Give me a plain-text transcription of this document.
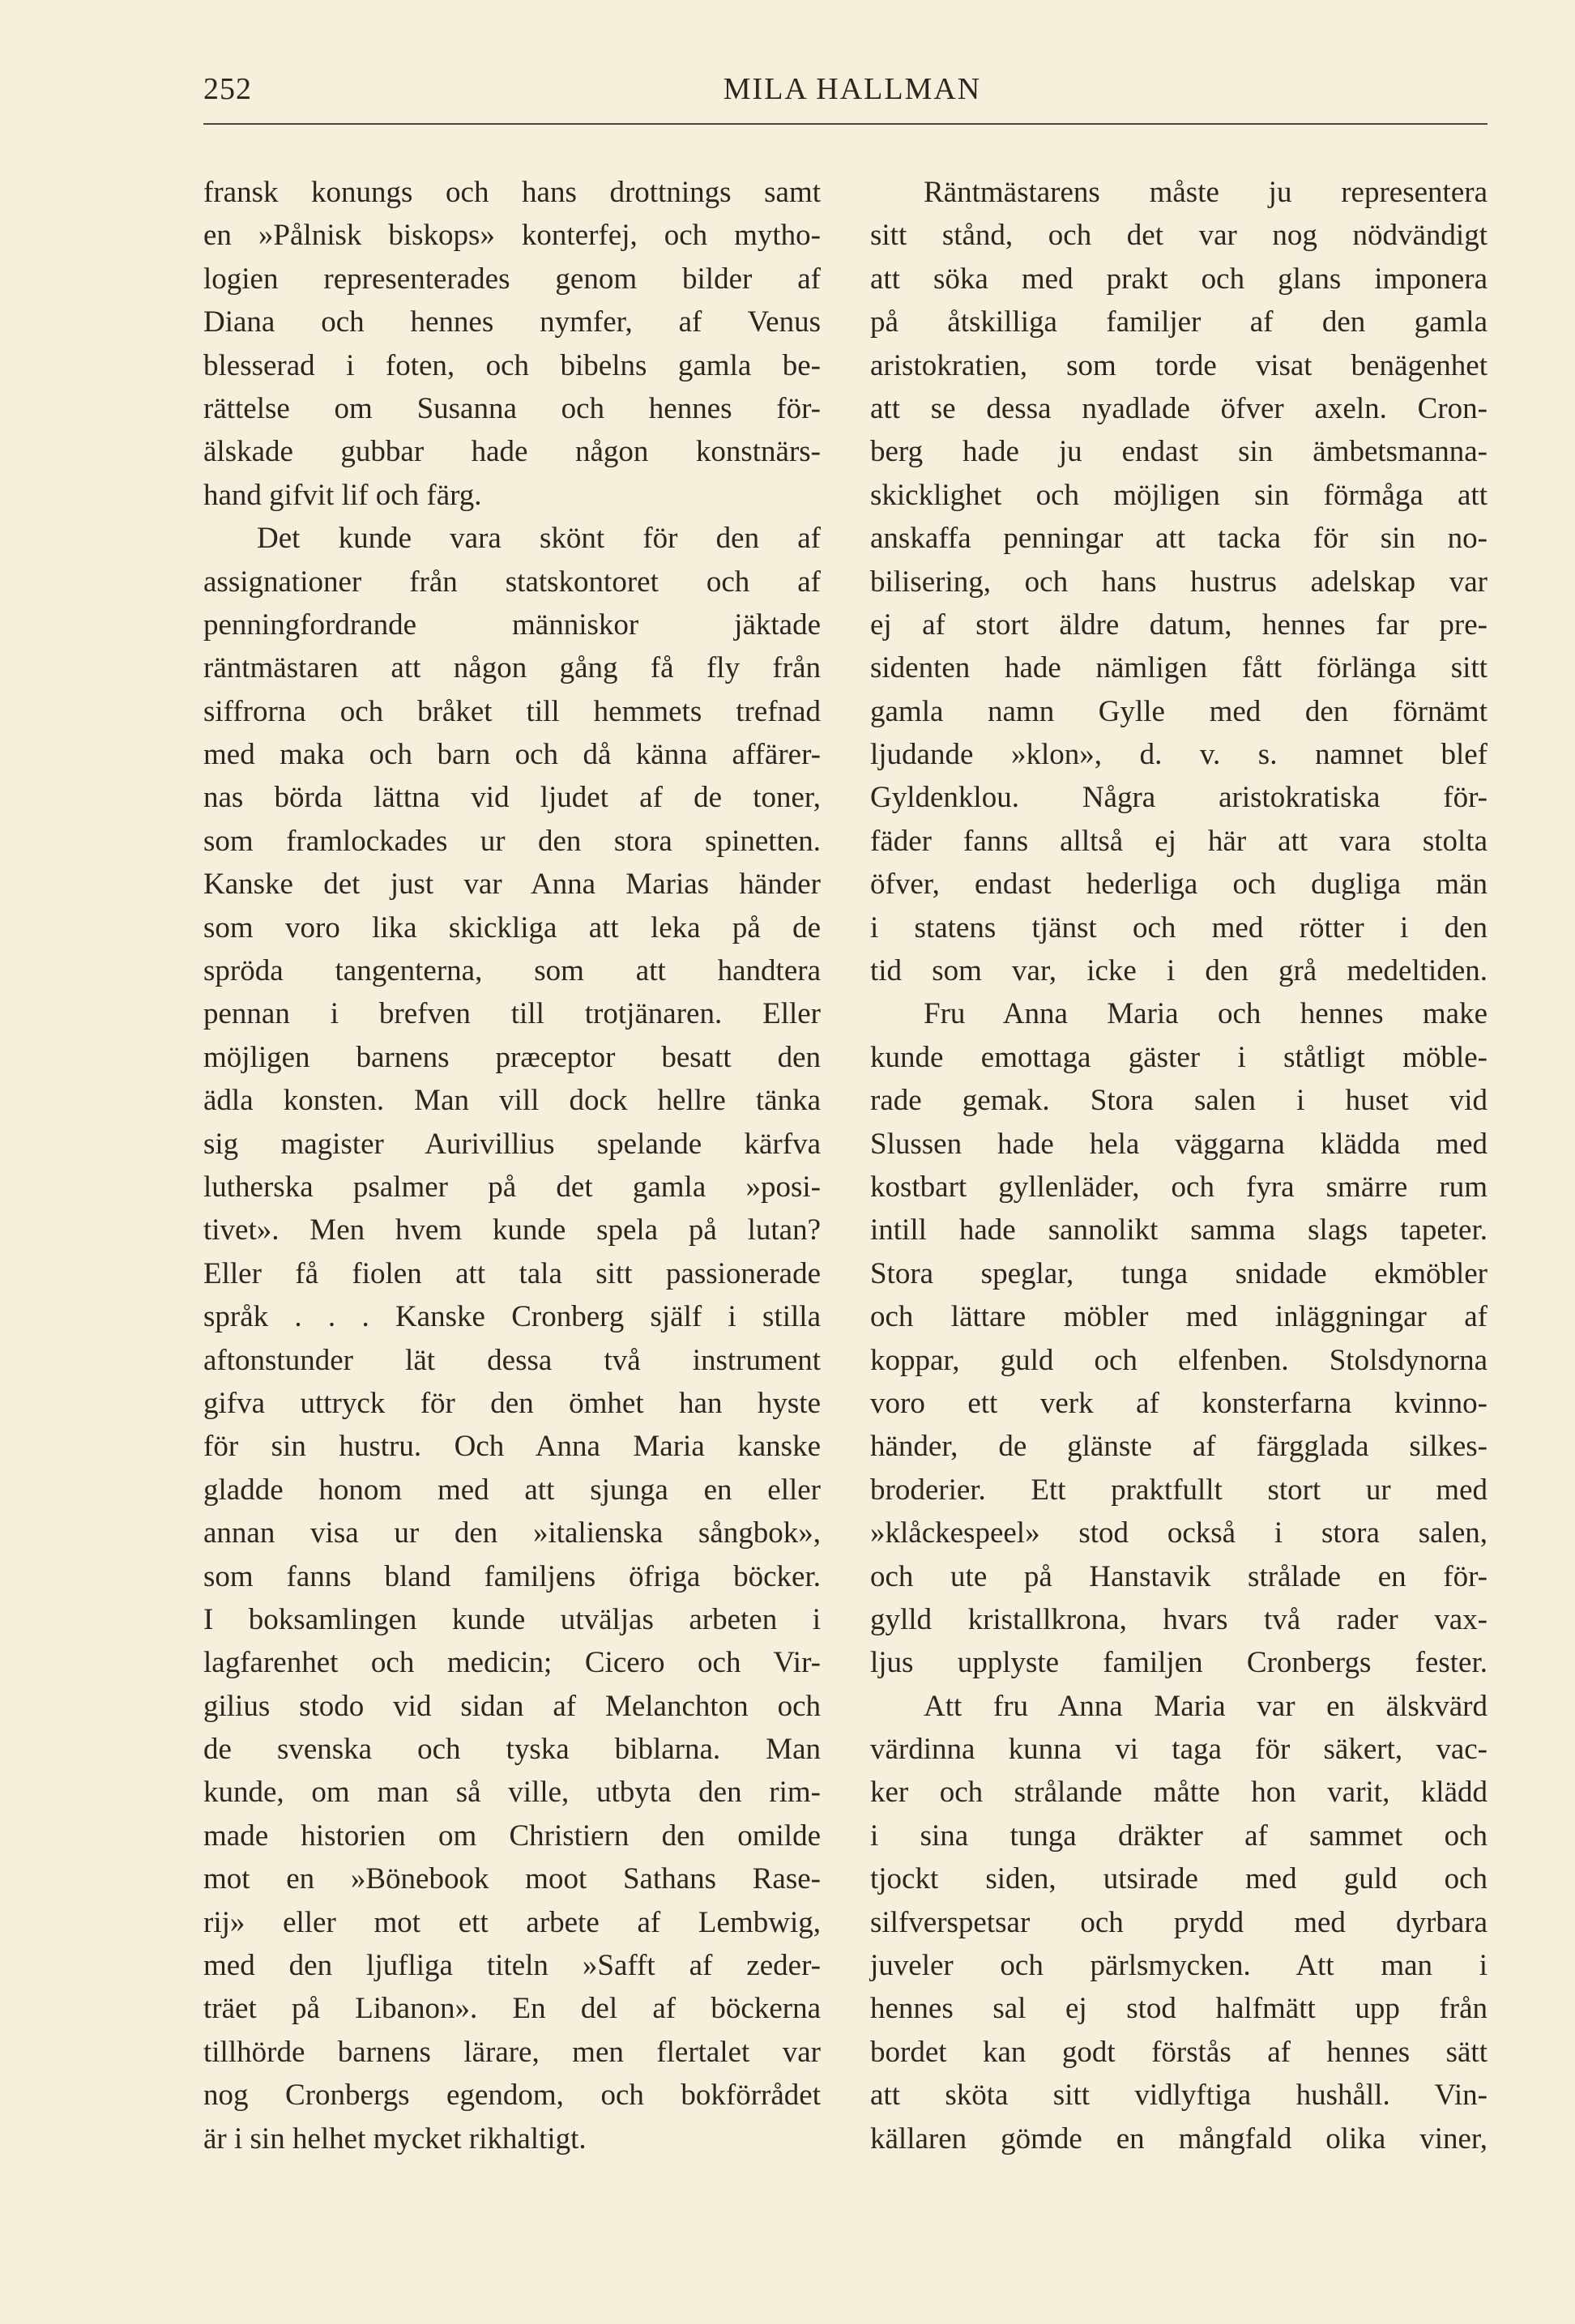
252	MILA HALLMAN
fransk konungs och hans drottnings samt
en »Pålnisk biskops» konterfej, och mytho-
logien representerades genom bilder af
Diana och hennes nymfer, af Venus
blesserad i foten, och bibelns gamla be-
rättelse om Susanna och hennes för-
älskade gubbar hade någon konstnärs-
hand gifvit lif och färg.
Det kunde vara skönt för den af
assignationer från statskontoret och af
penningfordrande människor jäktade
räntmästaren att någon gång få fly från
siffrorna och bråket till hemmets trefnad
med maka och barn och då känna affärer-
nas börda lättna vid ljudet af de toner,
som framlockades ur den stora spinetten.
Kanske det just var Anna Marias händer
som voro lika skickliga att leka på de
spröda tangenterna, som att handtera
pennan i brefven till trotjänaren. Eller
möjligen barnens præceptor besatt den
ädla konsten. Man vill dock hellre tänka
sig magister Aurivillius spelande kärfva
lutherska psalmer på det gamla »posi-
tivet». Men hvem kunde spela på lutan?
Eller få fiolen att tala sitt passionerade
språk . . . Kanske Cronberg själf i stilla
aftonstunder lät dessa två instrument
gifva uttryck för den ömhet han hyste
för sin hustru. Och Anna Maria kanske
gladde honom med att sjunga en eller
annan visa ur den »italienska sångbok»,
som fanns bland familjens öfriga böcker.
I boksamlingen kunde utväljas arbeten i
lagfarenhet och medicin; Cicero och Vir-
gilius stodo vid sidan af Melanchton och
de svenska och tyska biblarna. Man
kunde, om man så ville, utbyta den rim-
made historien om Christiern den omilde
mot en »Bönebook moot Sathans Rase-
rij» eller mot ett arbete af Lembwig,
med den ljufliga titeln »Safft af zeder-
träet på Libanon». En del af böckerna
tillhörde barnens lärare, men flertalet var
nog Cronbergs egendom, och bokförrådet
är i sin helhet mycket rikhaltigt.
Räntmästarens måste ju representera
sitt stånd, och det var nog nödvändigt
att söka med prakt och glans imponera
på åtskilliga familjer af den gamla
aristokratien, som torde visat benägenhet
att se dessa nyadlade öfver axeln. Cron-
berg hade ju endast sin ämbetsmanna-
skicklighet och möjligen sin förmåga att
anskaffa penningar att tacka för sin no-
bilisering, och hans hustrus adelskap var
ej af stort äldre datum, hennes far pre-
sidenten hade nämligen fått förlänga sitt
gamla namn Gylle med den förnämt
ljudande »klon», d. v. s. namnet blef
Gyldenklou. Några aristokratiska för-
fäder fanns alltså ej här att vara stolta
öfver, endast hederliga och dugliga män
i statens tjänst och med rötter i den
tid som var, icke i den grå medeltiden.
Fru Anna Maria och hennes make
kunde emottaga gäster i ståtligt möble-
rade gemak. Stora salen i huset vid
Slussen hade hela väggarna klädda med
kostbart gyllenläder, och fyra smärre rum
intill hade sannolikt samma slags tapeter.
Stora speglar, tunga snidade ekmöbler
och lättare möbler med inläggningar af
koppar, guld och elfenben. Stolsdynorna
voro ett verk af konsterfarna kvinno-
händer, de glänste af färgglada silkes-
broderier. Ett praktfullt stort ur med
»klåckespeel» stod också i stora salen,
och ute på Hanstavik strålade en för-
gylld kristallkrona, hvars två rader vax-
ljus upplyste familjen Cronbergs fester.
Att fru Anna Maria var en älskvärd
värdinna kunna vi taga för säkert, vac-
ker och strålande måtte hon varit, klädd
i sina tunga dräkter af sammet och
tjockt siden, utsirade med guld och
silfverspetsar och prydd med dyrbara
juveler och pärlsmycken. Att man i
hennes sal ej stod halfmätt upp från
bordet kan godt förstås af hennes sätt
att sköta sitt vidlyftiga hushåll. Vin-
källaren gömde en mångfald olika viner,
